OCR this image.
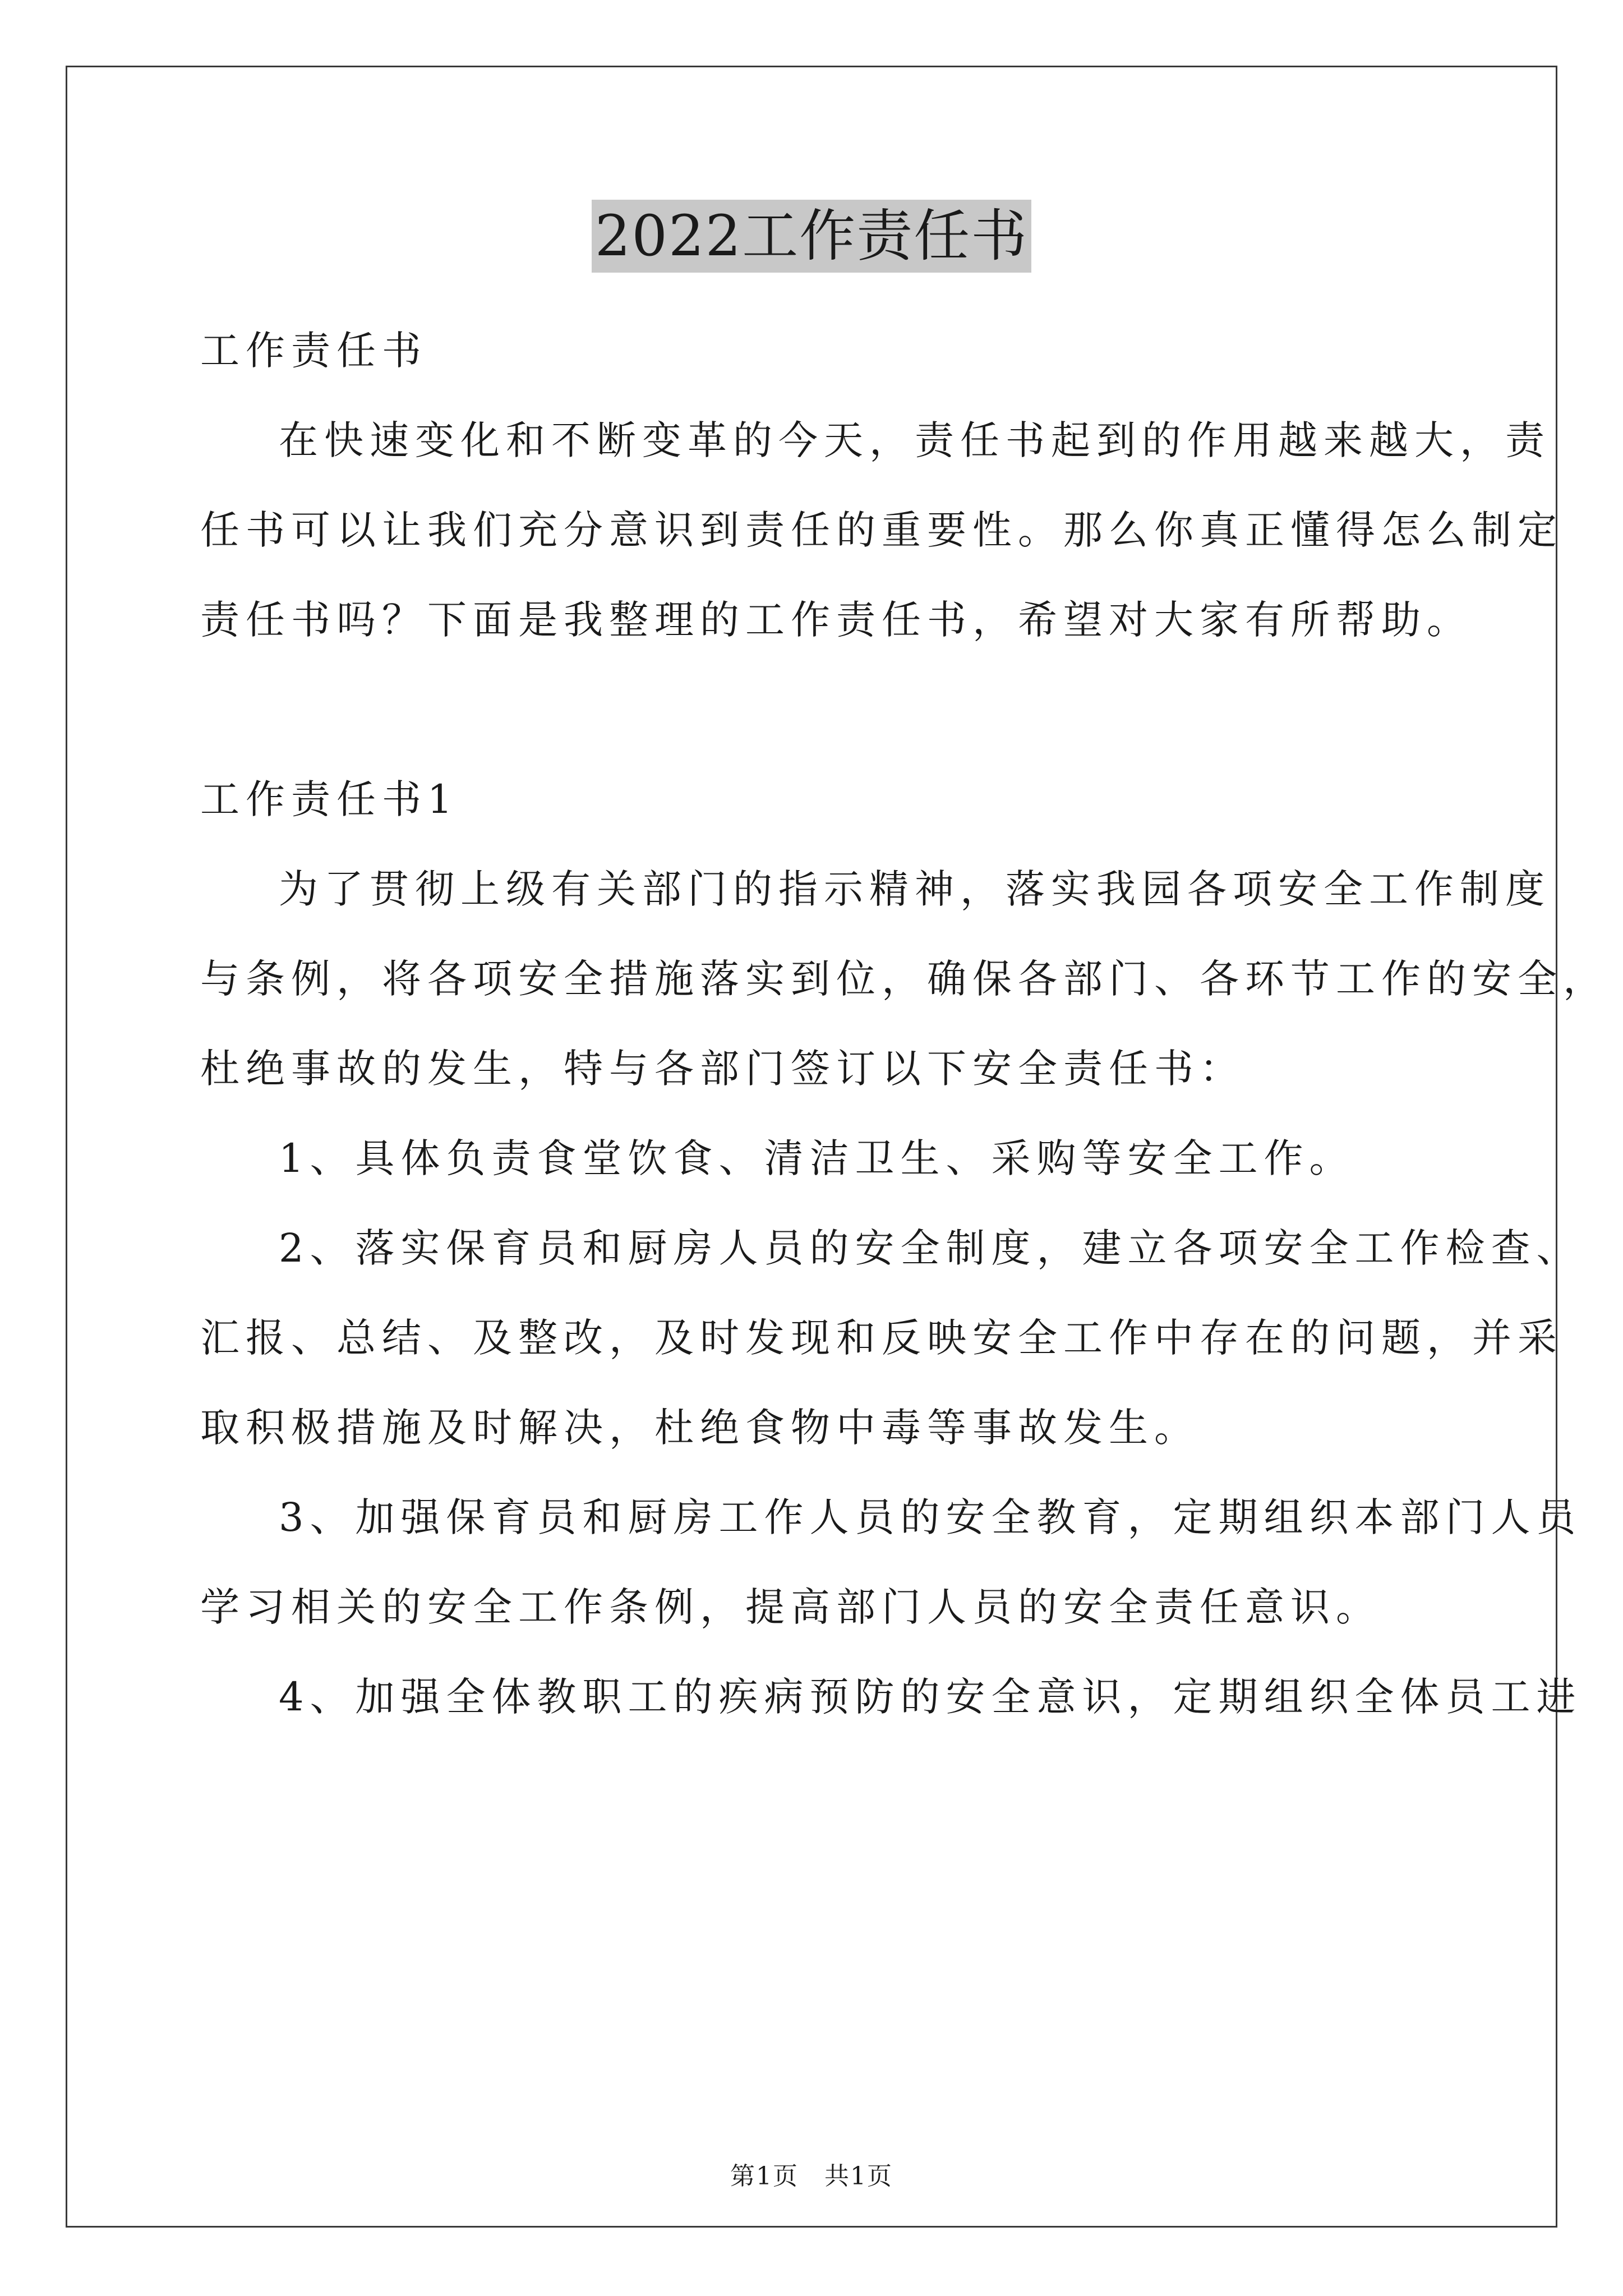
2022工作责任书
工作责任书
在快速变化和不断变革的今天，责任书起到的作用越来越大，责
任书可以让我们充分意识到责任的重要性。那么你真正懂得怎么制定
责任书吗？下面是我整理的工作责任书，希望对大家有所帮助。
工作责任书1
为了贯彻上级有关部门的指示精神，落实我园各项安全工作制度
与条例，将各项安全措施落实到位，确保各部门、各环节工作的安全，
杜绝事故的发生，特与各部门签订以下安全责任书：
1、具体负责食堂饮食、清洁卫生、采购等安全工作。
2、落实保育员和厨房人员的安全制度，建立各项安全工作检查、
汇报、总结、及整改，及时发现和反映安全工作中存在的问题，并采
取积极措施及时解决，杜绝食物中毒等事故发生。
3、加强保育员和厨房工作人员的安全教育，定期组织本部门人员
学习相关的安全工作条例，提高部门人员的安全责任意识。
4、加强全体教职工的疾病预防的安全意识，定期组织全体员工进
第1页　共1页
